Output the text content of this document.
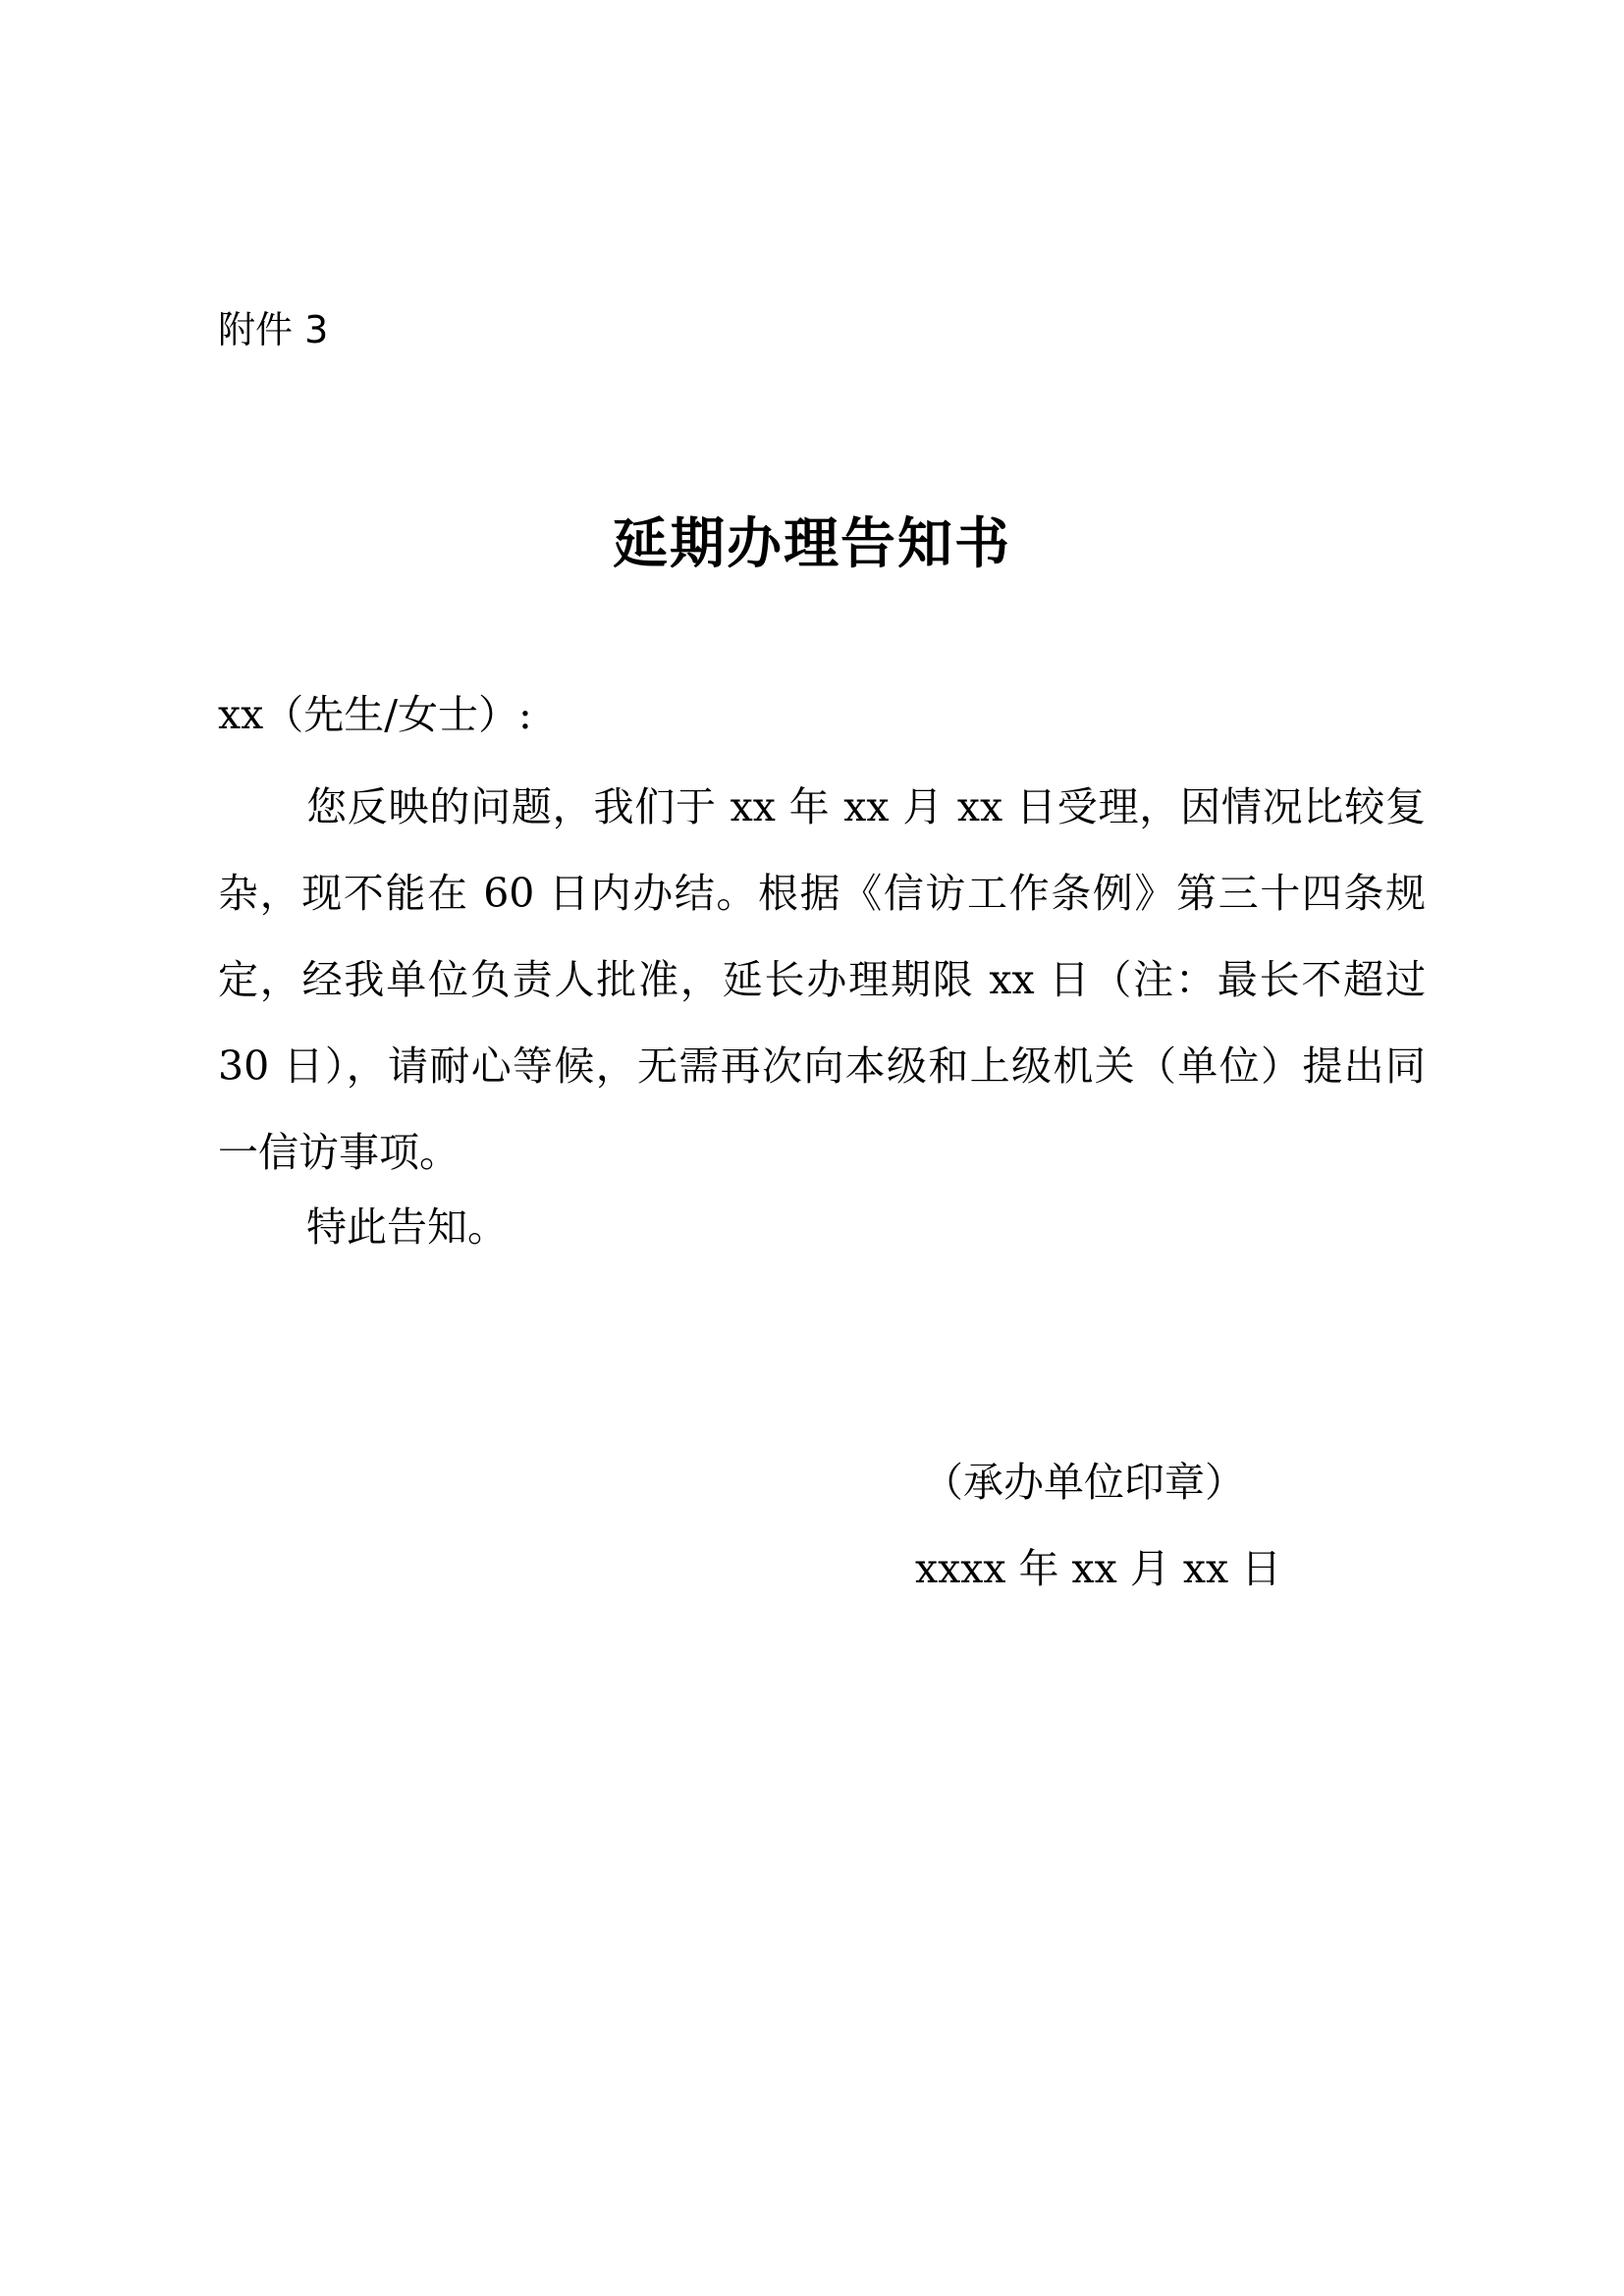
附件 3
延期办理告知书
xx（先生/女士）:

您反映的问题，我们于 xx 年 xx 月 xx 日受理，因情况比较复杂，现不能在 60 日内办结。根据《信访工作条例》第三十四条规定，经我单位负责人批准，延长办理期限 xx 日（注：最长不超过 30 日），请耐心等候，无需再次向本级和上级机关（单位）提出同一信访事项。

特此告知。
（承办单位印章）
xxxx 年 xx 月 xx 日
